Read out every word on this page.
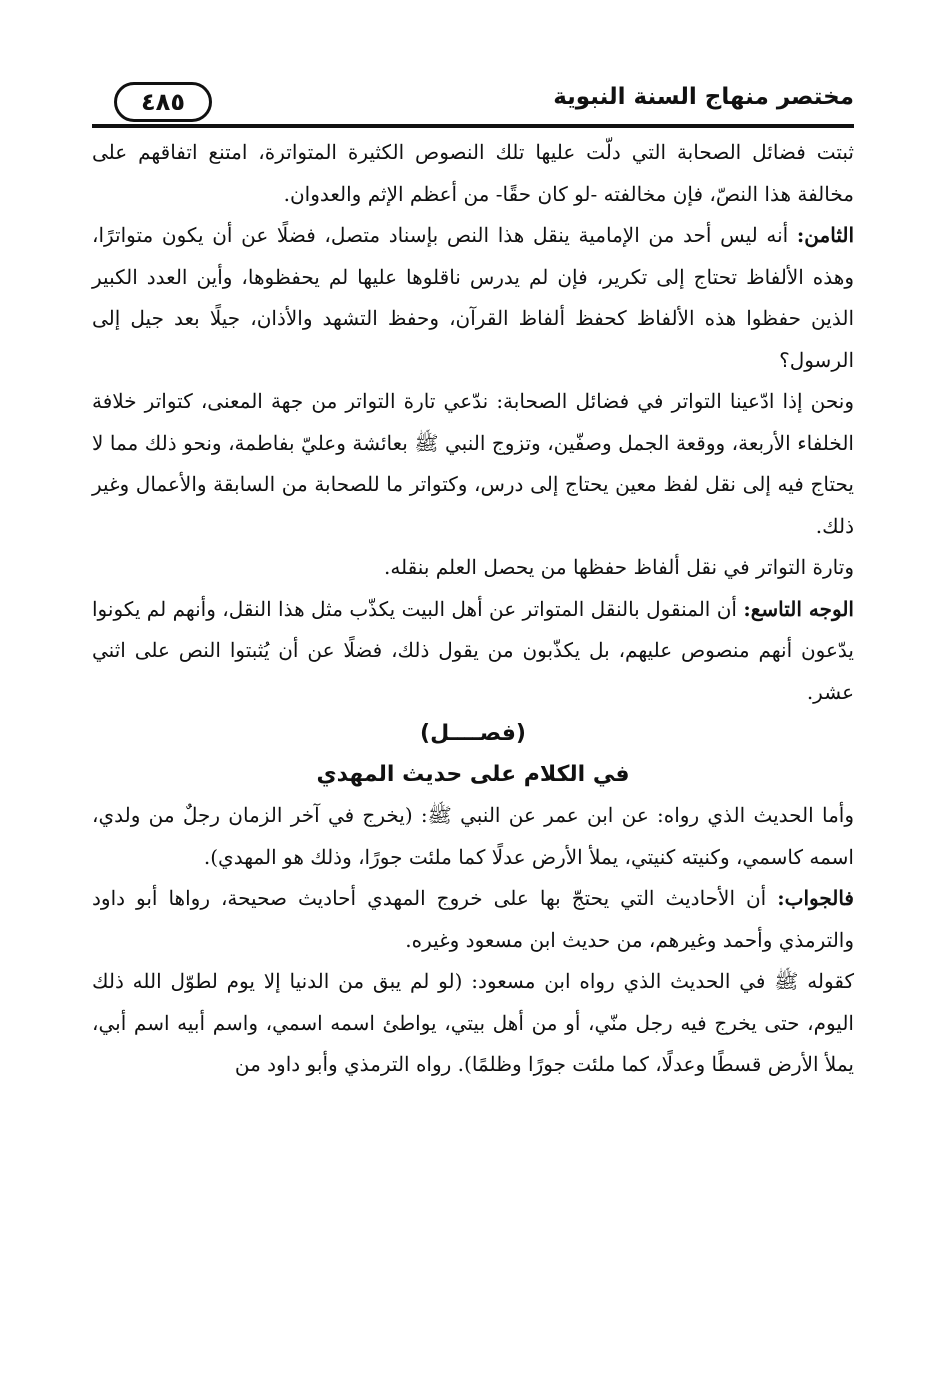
مختصر منهاج السنة النبوية
٤٨٥

ثبتت فضائل الصحابة التي دلّت عليها تلك النصوص الكثيرة المتواترة، امتنع اتفاقهم على مخالفة هذا النصّ، فإن مخالفته -لو كان حقًا- من أعظم الإثم والعدوان.

الثامن: أنه ليس أحد من الإمامية ينقل هذا النص بإسناد متصل، فضلًا عن أن يكون متواترًا، وهذه الألفاظ تحتاج إلى تكرير، فإن لم يدرس ناقلوها عليها لم يحفظوها، وأين العدد الكبير الذين حفظوا هذه الألفاظ كحفظ ألفاظ القرآن، وحفظ التشهد والأذان، جيلًا بعد جيل إلى الرسول؟

ونحن إذا ادّعينا التواتر في فضائل الصحابة: ندّعي تارة التواتر من جهة المعنى، كتواتر خلافة الخلفاء الأربعة، ووقعة الجمل وصفّين، وتزوج النبي ﷺ بعائشة وعليّ بفاطمة، ونحو ذلك مما لا يحتاج فيه إلى نقل لفظ معين يحتاج إلى درس، وكتواتر ما للصحابة من السابقة والأعمال وغير ذلك.

وتارة التواتر في نقل ألفاظ حفظها من يحصل العلم بنقله.

الوجه التاسع: أن المنقول بالنقل المتواتر عن أهل البيت يكذّب مثل هذا النقل، وأنهم لم يكونوا يدّعون أنهم منصوص عليهم، بل يكذّبون من يقول ذلك، فضلًا عن أن يُثبتوا النص على اثني عشر.

(فصــــل)

في الكلام على حديث المهدي

وأما الحديث الذي رواه: عن ابن عمر عن النبي ﷺ: (يخرج في آخر الزمان رجلٌ من ولدي، اسمه كاسمي، وكنيته كنيتي، يملأ الأرض عدلًا كما ملئت جورًا، وذلك هو المهدي).

فالجواب: أن الأحاديث التي يحتجّ بها على خروج المهدي أحاديث صحيحة، رواها أبو داود والترمذي وأحمد وغيرهم، من حديث ابن مسعود وغيره.

كقوله ﷺ في الحديث الذي رواه ابن مسعود: (لو لم يبق من الدنيا إلا يوم لطوّل الله ذلك اليوم، حتى يخرج فيه رجل منّي، أو من أهل بيتي، يواطئ اسمه اسمي، واسم أبيه اسم أبي، يملأ الأرض قسطًا وعدلًا، كما ملئت جورًا وظلمًا). رواه الترمذي وأبو داود من
